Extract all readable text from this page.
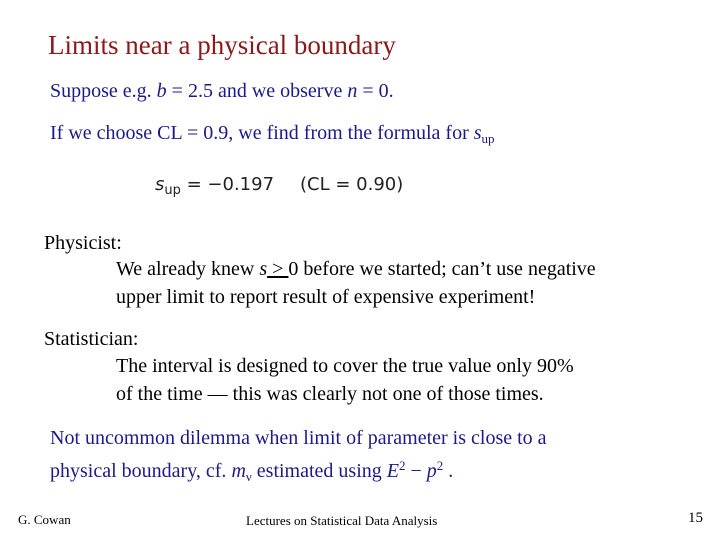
Limits near a physical boundary
Suppose e.g. b = 2.5 and we observe n = 0.
If we choose CL = 0.9, we find from the formula for $s_{up}$
$s_{up} = -0.197$ (CL = 0.90)
Physicist:
We already knew s > 0 before we started; can’t use negative
upper limit to report result of expensive experiment!
Statistician:
The interval is designed to cover the true value only 90%
of the time — this was clearly not one of those times.
Not uncommon dilemma when limit of parameter is close to a
physical boundary, cf. $m_\nu$ estimated using $E^2 - p^2$ .
G. Cowan	Lectures on Statistical Data Analysis	15
